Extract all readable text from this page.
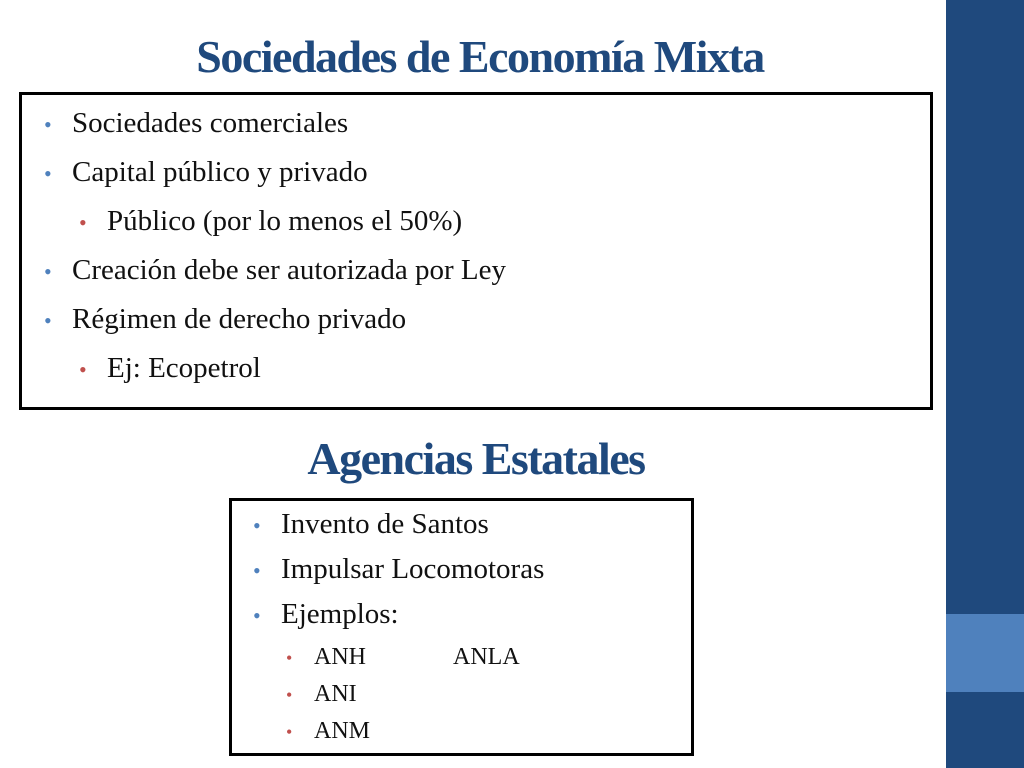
Sociedades de Economía Mixta
• Sociedades comerciales
• Capital público y privado
• Público (por lo menos el 50%)
• Creación debe ser autorizada por Ley
• Régimen de derecho privado
• Ej: Ecopetrol
Agencias Estatales
• Invento de Santos
• Impulsar Locomotoras
• Ejemplos:
• ANH	ANLA
• ANI
• ANM
